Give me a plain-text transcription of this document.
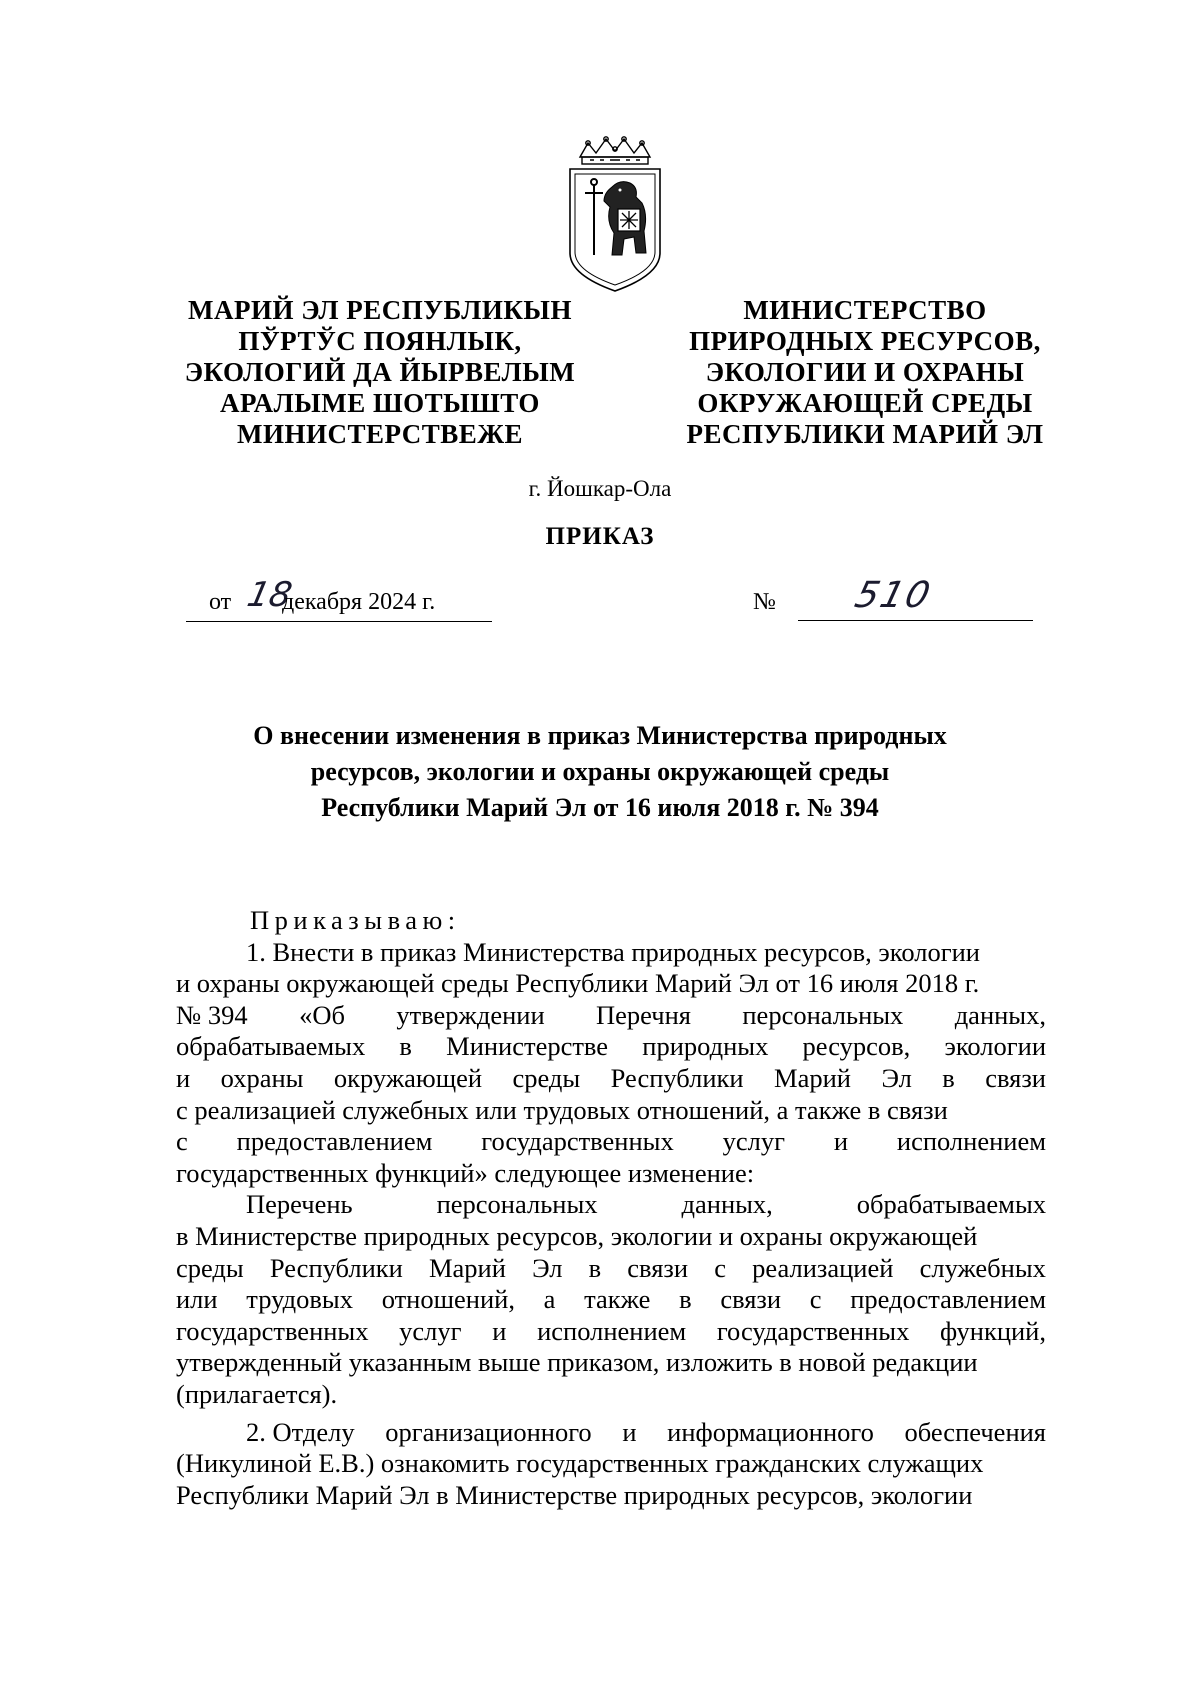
МАРИЙ ЭЛ РЕСПУБЛИКЫН
ПЎРТЎС ПОЯНЛЫК,
ЭКОЛОГИЙ ДА ЙЫРВЕЛЫМ
АРАЛЫМЕ ШОТЫШТО
МИНИСТЕРСТВЕЖЕ
МИНИСТЕРСТВО
ПРИРОДНЫХ РЕСУРСОВ,
ЭКОЛОГИИ И ОХРАНЫ
ОКРУЖАЮЩЕЙ СРЕДЫ
РЕСПУБЛИКИ МАРИЙ ЭЛ
г. Йошкар-Ола
ПРИКАЗ
от 18
декабря 2024 г.	№ 510
О внесении изменения в приказ Министерства природных
ресурсов, экологии и охраны окружающей среды
Республики Марий Эл от 16 июля 2018 г. № 394
Приказываю:
1. Внести в приказ Министерства природных ресурсов, экологии
и охраны окружающей среды Республики Марий Эл от 16 июля 2018 г.
№ 394 «Об утверждении Перечня персональных данных,
обрабатываемых в Министерстве природных ресурсов, экологии
и охраны окружающей среды Республики Марий Эл в связи
с реализацией служебных или трудовых отношений, а также в связи
с предоставлением государственных услуг и исполнением
государственных функций» следующее изменение:
Перечень	персональных	данных,	обрабатываемых
в Министерстве природных ресурсов, экологии и охраны окружающей
среды Республики Марий Эл в связи с реализацией служебных
или трудовых отношений, а также в связи с предоставлением
государственных услуг и исполнением государственных функций,
утвержденный указанным выше приказом, изложить в новой редакции
(прилагается).
2. Отделу организационного и информационного обеспечения
(Никулиной Е.В.) ознакомить государственных гражданских служащих
Республики Марий Эл в Министерстве природных ресурсов, экологии
